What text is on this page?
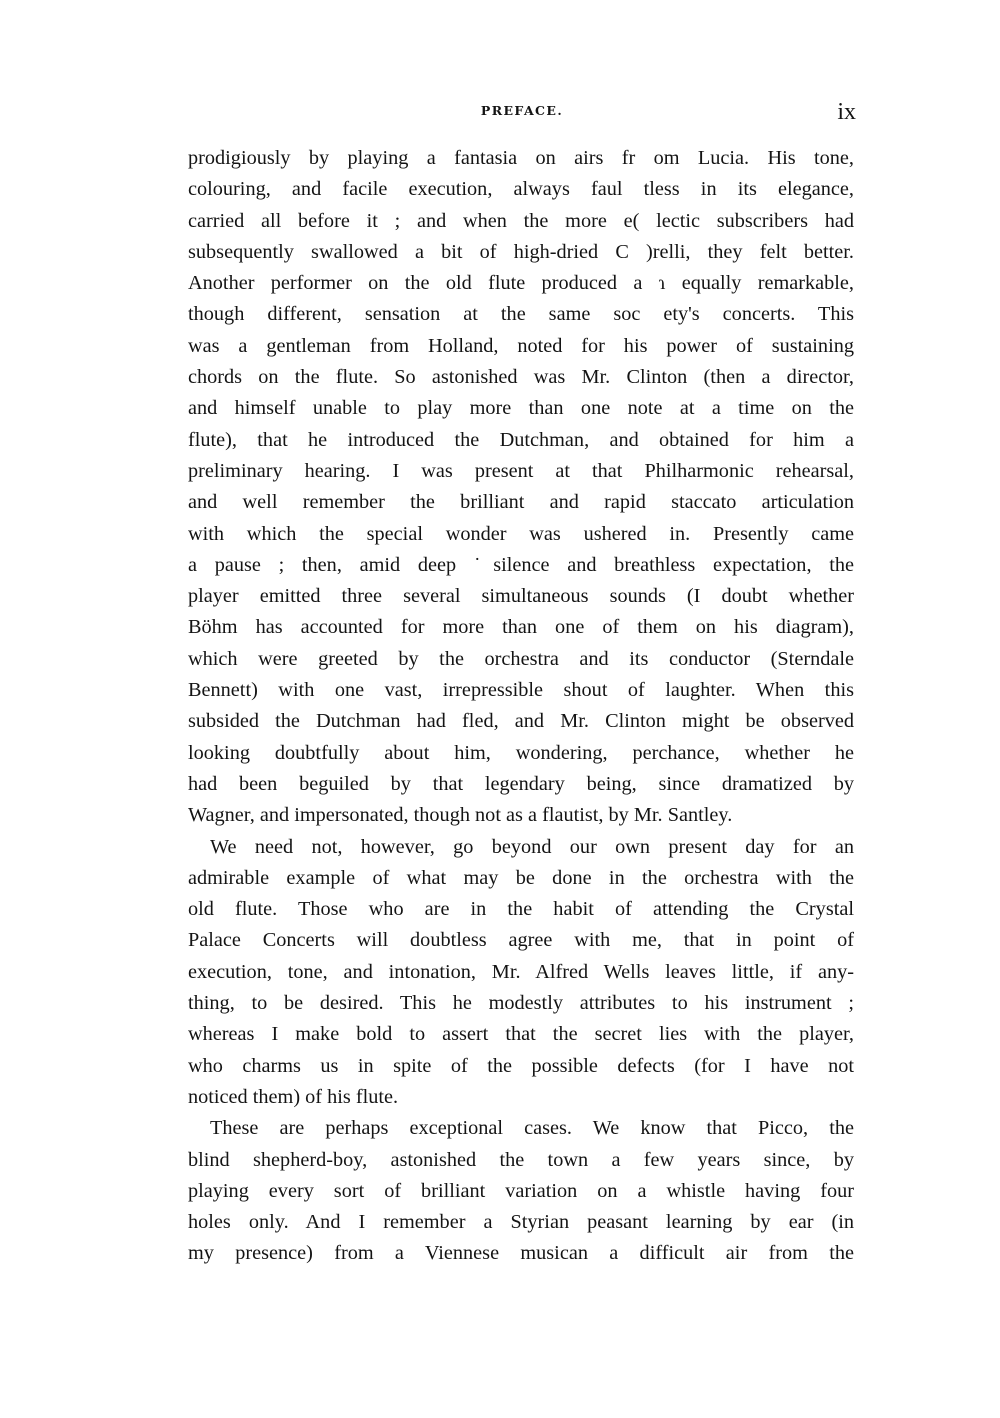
PREFACE.	ix
prodigiously by playing a fantasia on airs fr om Lucia. His tone,
colouring, and facile execution, always faul tless in its elegance,
carried all before it ; and when the more e( lectic subscribers had
subsequently swallowed a bit of high-dried C )relli, they felt better.
Another performer on the old flute produced a ɿ equally remarkable,
though different, sensation at the same soc ety's concerts. This
was a gentleman from Holland, noted for his power of sustaining
chords on the flute. So astonished was Mr. Clinton (then a director,
and himself unable to play more than one note at a time on the
flute), that he introduced the Dutchman, and obtained for him a
preliminary hearing. I was present at that Philharmonic rehearsal,
and well remember the brilliant and rapid staccato articulation
with which the special wonder was ushered in. Presently came
a pause ; then, amid deep ˙silence and breathless expectation, the
player emitted three several simultaneous sounds (I doubt whether
Böhm has accounted for more than one of them on his diagram),
which were greeted by the orchestra and its conductor (Sterndale
Bennett) with one vast, irrepressible shout of laughter. When this
subsided the Dutchman had fled, and Mr. Clinton might be observed
looking doubtfully about him, wondering, perchance, whether he
had been beguiled by that legendary being, since dramatized by
Wagner, and impersonated, though not as a flautist, by Mr. Santley.
We need not, however, go beyond our own present day for an
admirable example of what may be done in the orchestra with the
old flute. Those who are in the habit of attending the Crystal
Palace Concerts will doubtless agree with me, that in point of
execution, tone, and intonation, Mr. Alfred Wells leaves little, if any-
thing, to be desired. This he modestly attributes to his instrument ;
whereas I make bold to assert that the secret lies with the player,
who charms us in spite of the possible defects (for I have not
noticed them) of his flute.
These are perhaps exceptional cases. We know that Picco, the
blind shepherd-boy, astonished the town a few years since, by
playing every sort of brilliant variation on a whistle having four
holes only. And I remember a Styrian peasant learning by ear (in
my presence) from a Viennese musican a difficult air from the
